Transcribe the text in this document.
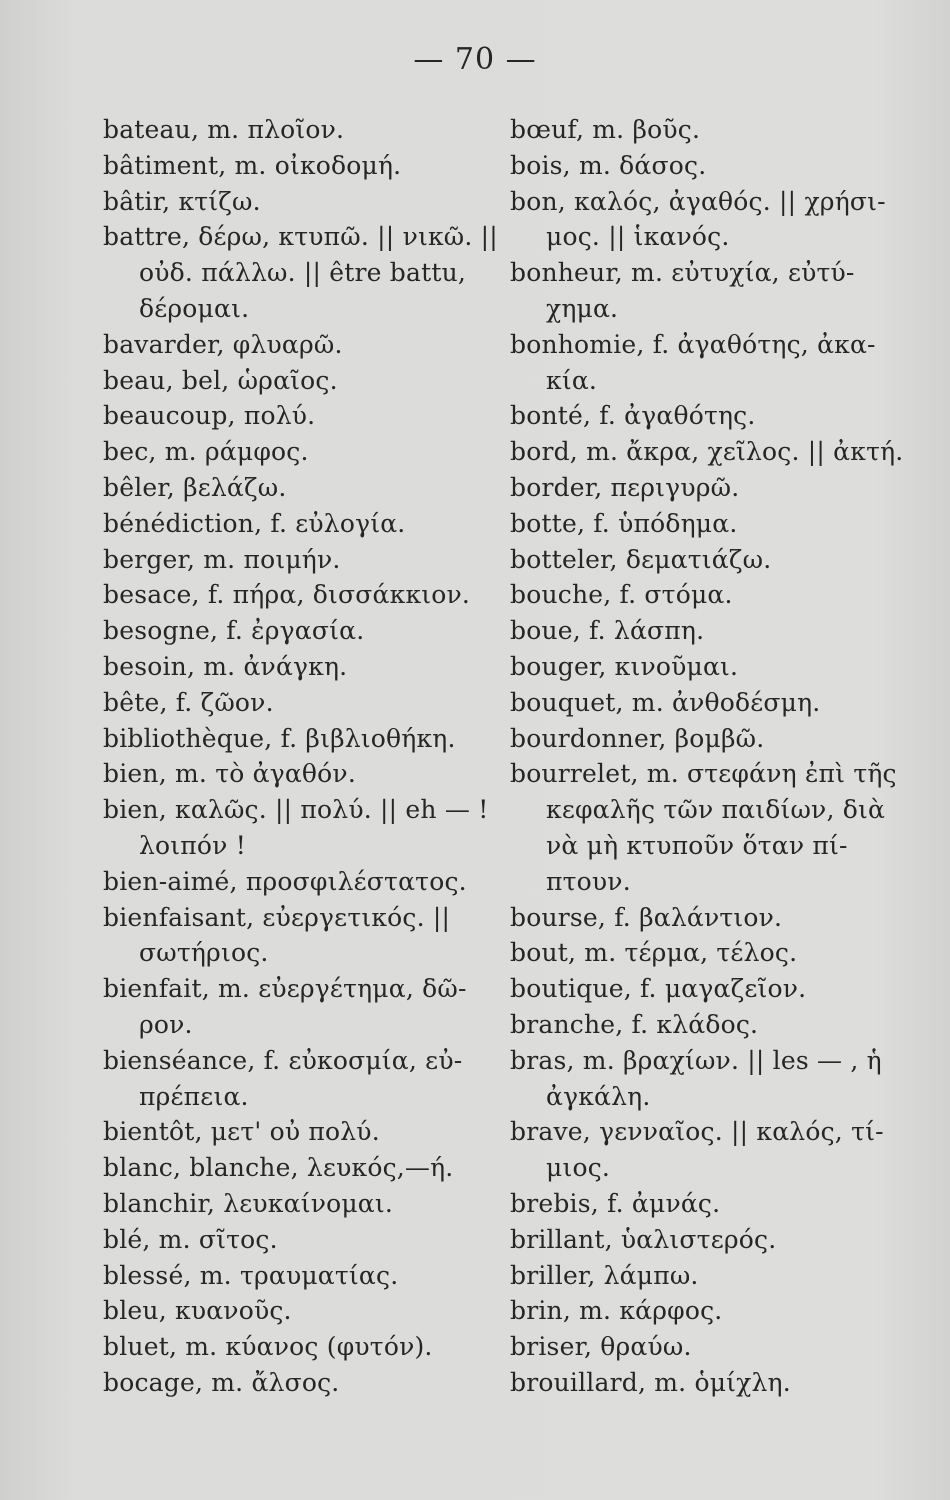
— 70 —
bateau, m. πλοῖον.
bâtiment, m. οἰκοδομή.
bâtir, κτίζω.
battre, δέρω, κτυπῶ. || νικῶ. ||
οὐδ. πάλλω. || être battu,
δέρομαι.
bavarder, φλυαρῶ.
beau, bel, ὡραῖος.
beaucoup, πολύ.
bec, m. ράμφος.
bêler, βελάζω.
bénédiction, f. εὐλογία.
berger, m. ποιμήν.
besace, f. πήρα, δισσάκκιον.
besogne, f. ἐργασία.
besoin, m. ἀνάγκη.
bête, f. ζῶον.
bibliothèque, f. βιβλιοθήκη.
bien, m. τὸ ἀγαθόν.
bien, καλῶς. || πολύ. || eh — !
λοιπόν !
bien-aimé, προσφιλέστατος.
bienfaisant, εὐεργετικός. ||
σωτήριος.
bienfait, m. εὐεργέτημα, δῶ-
ρον.
bienséance, f. εὐκοσμία, εὐ-
πρέπεια.
bientôt, μετ' οὐ πολύ.
blanc, blanche, λευκός,—ή.
blanchir, λευκαίνομαι.
blé, m. σῖτος.
blessé, m. τραυματίας.
bleu, κυανοῦς.
bluet, m. κύανος (φυτόν).
bocage, m. ἄλσος.
bœuf, m. βοῦς.
bois, m. δάσος.
bon, καλός, ἀγαθός. || χρήσι-
μος. || ἱκανός.
bonheur, m. εὐτυχία, εὐτύ-
χημα.
bonhomie, f. ἀγαθότης, ἀκα-
κία.
bonté, f. ἀγαθότης.
bord, m. ἄκρα, χεῖλος. || ἀκτή.
border, περιγυρῶ.
botte, f. ὑπόδημα.
botteler, δεματιάζω.
bouche, f. στόμα.
boue, f. λάσπη.
bouger, κινοῦμαι.
bouquet, m. ἀνθοδέσμη.
bourdonner, βομβῶ.
bourrelet, m. στεφάνη ἐπὶ τῆς
κεφαλῆς τῶν παιδίων, διὰ
νὰ μὴ κτυποῦν ὅταν πί-
πτουν.
bourse, f. βαλάντιον.
bout, m. τέρμα, τέλος.
boutique, f. μαγαζεῖον.
branche, f. κλάδος.
bras, m. βραχίων. || les — , ἡ
ἀγκάλη.
brave, γενναῖος. || καλός, τί-
μιος.
brebis, f. ἀμνάς.
brillant, ὑαλιστερός.
briller, λάμπω.
brin, m. κάρφος.
briser, θραύω.
brouillard, m. ὁμίχλη.
